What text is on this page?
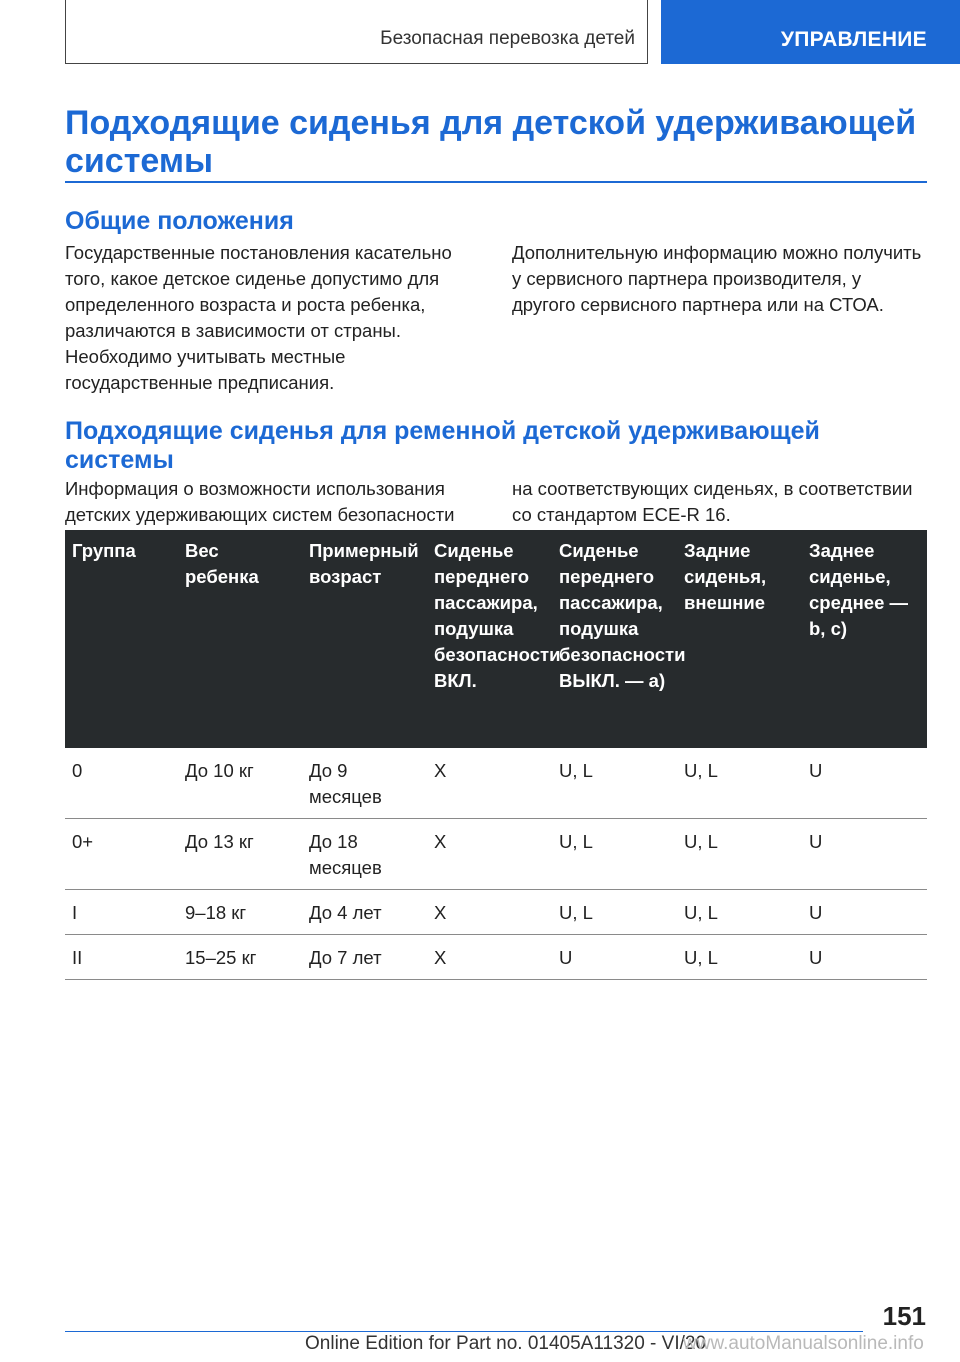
Безопасная перевозка детей	УПРАВЛЕНИЕ
Подходящие сиденья для детской удерживающей системы
Общие положения

Государственные постановления касательно того, какое детское сиденье допустимо для определенного возраста и роста ребенка, различаются в зависимости от страны. Необходимо учитывать местные государственные предписания.

Дополнительную информацию можно получить у сервисного партнера производителя, у другого сервисного партнера или на СТОА.

Подходящие сиденья для ременной детской удерживающей системы

Информация о возможности использования детских удерживающих систем безопасности

на соответствующих сиденьях, в соответствии со стандартом ECE-R 16.

Группа	Вес ребенка	Примерный возраст	Сиденье переднего пассажира, подушка безопасности ВКЛ.	Сиденье переднего пассажира, подушка безопасности ВЫКЛ. — a)	Задние сиденья, внешние	Заднее сиденье, среднее — b, c)
0	До 10 кг	До 9 месяцев	X	U, L	U, L	U
0+	До 13 кг	До 18 месяцев	X	U, L	U, L	U
I	9–18 кг	До 4 лет	X	U, L	U, L	U
II	15–25 кг	До 7 лет	X	U	U, L	U
151
Online Edition for Part no. 01405A11320 - VI/20
www.autoManualsonline.info
